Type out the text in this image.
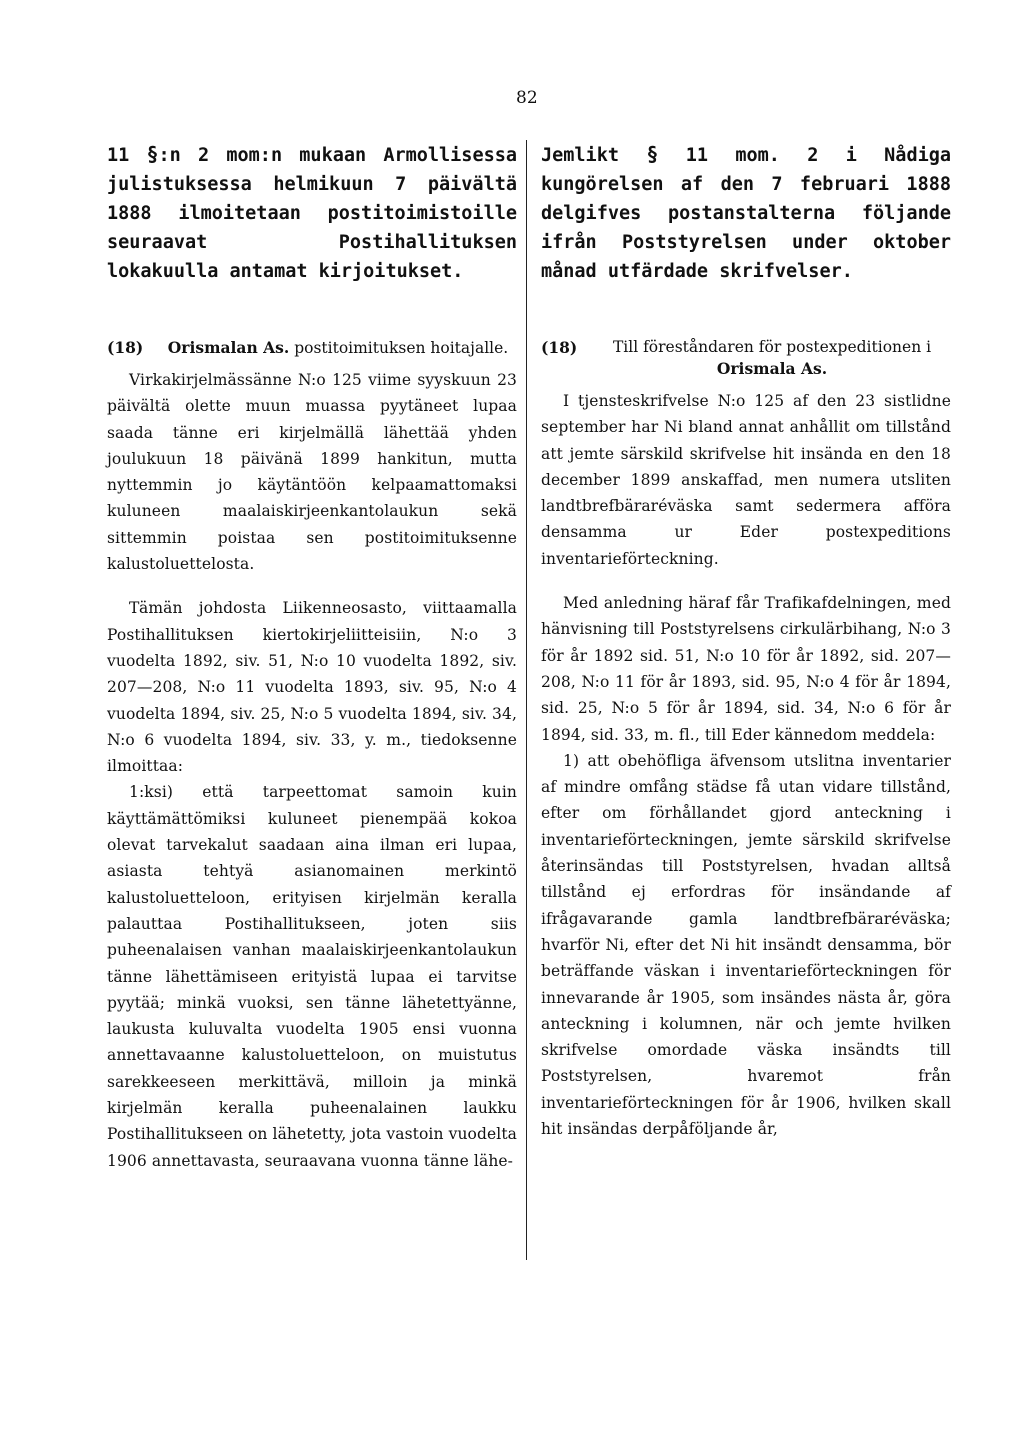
82

11 §:n 2 mom:n mukaan Armollisessa julistuksessa helmikuun 7 päivältä 1888 ilmoitetaan postitoimistoille seuraavat Postihallituksen lokakuulla antamat kirjoitukset.

(18)	Orismalan As. postitoimituksen hoitajalle.

Virkakirjelmässänne N:o 125 viime syyskuun 23 päivältä olette muun muassa pyytäneet lupaa saada tänne eri kirjelmällä lähettää yhden joulukuun 18 päivänä 1899 hankitun, mutta nyttemmin jo käytäntöön kelpaamattomaksi kuluneen maalaiskirjeenkantolaukun sekä sittemmin poistaa sen postitoimituksenne kalustoluettelosta.

Tämän johdosta Liikenneosasto, viittaamalla Postihallituksen kiertokirjeliitteisiin, N:o 3 vuodelta 1892, siv. 51, N:o 10 vuodelta 1892, siv. 207—208, N:o 11 vuodelta 1893, siv. 95, N:o 4 vuodelta 1894, siv. 25, N:o 5 vuodelta 1894, siv. 34, N:o 6 vuodelta 1894, siv. 33, y. m., tiedoksenne ilmoittaa:

1:ksi) että tarpeettomat samoin kuin käyttämättömiksi kuluneet pienempää kokoa olevat tarvekalut saadaan aina ilman eri lupaa, asiasta tehtyä asianomainen merkintö kalustoluetteloon, erityisen kirjelmän keralla palauttaa Postihallitukseen, joten siis puheenalaisen vanhan maalaiskirjeenkantolaukun tänne lähettämiseen erityistä lupaa ei tarvitse pyytää; minkä vuoksi, sen tänne lähetettyänne, laukusta kuluvalta vuodelta 1905 ensi vuonna annettavaanne kalustoluetteloon, on muistutus sarekkeeseen merkittävä, milloin ja minkä kirjelmän keralla puheenalainen laukku Postihallitukseen on lähetetty, jota vastoin vuodelta 1906 annettavasta, seuraavana vuonna tänne lähe-

Jemlikt § 11 mom. 2 i Nådiga kungörelsen af den 7 februari 1888 delgifves postanstalterna följande ifrån Poststyrelsen under oktober månad utfärdade skrifvelser.

(18)	Till föreståndaren för postexpeditionen i Orismala As.

I tjensteskrifvelse N:o 125 af den 23 sistlidne september har Ni bland annat anhållit om tillstånd att jemte särskild skrifvelse hit insända en den 18 december 1899 anskaffad, men numera utsliten landtbrefbäraréväska samt sedermera afföra densamma ur Eder postexpeditions inventarieförteckning.

Med anledning häraf får Trafikafdelningen, med hänvisning till Poststyrelsens cirkulärbihang, N:o 3 för år 1892 sid. 51, N:o 10 för år 1892, sid. 207—208, N:o 11 för år 1893, sid. 95, N:o 4 för år 1894, sid. 25, N:o 5 för år 1894, sid. 34, N:o 6 för år 1894, sid. 33, m. fl., till Eder kännedom meddela:

1) att obehöfliga äfvensom utslitna inventarier af mindre omfång städse få utan vidare tillstånd, efter om förhållandet gjord anteckning i inventarieförteckningen, jemte särskild skrifvelse återinsändas till Poststyrelsen, hvadan alltså tillstånd ej erfordras för insändande af ifrågavarande gamla landtbrefbäraréväska; hvarför Ni, efter det Ni hit insändt densamma, bör beträffande väskan i inventarieförteckningen för innevarande år 1905, som insändes nästa år, göra anteckning i kolumnen, när och jemte hvilken skrifvelse omordade väska insändts till Poststyrelsen, hvaremot från inventarieförteckningen för år 1906, hvilken skall hit insändas derpåföljande år,
